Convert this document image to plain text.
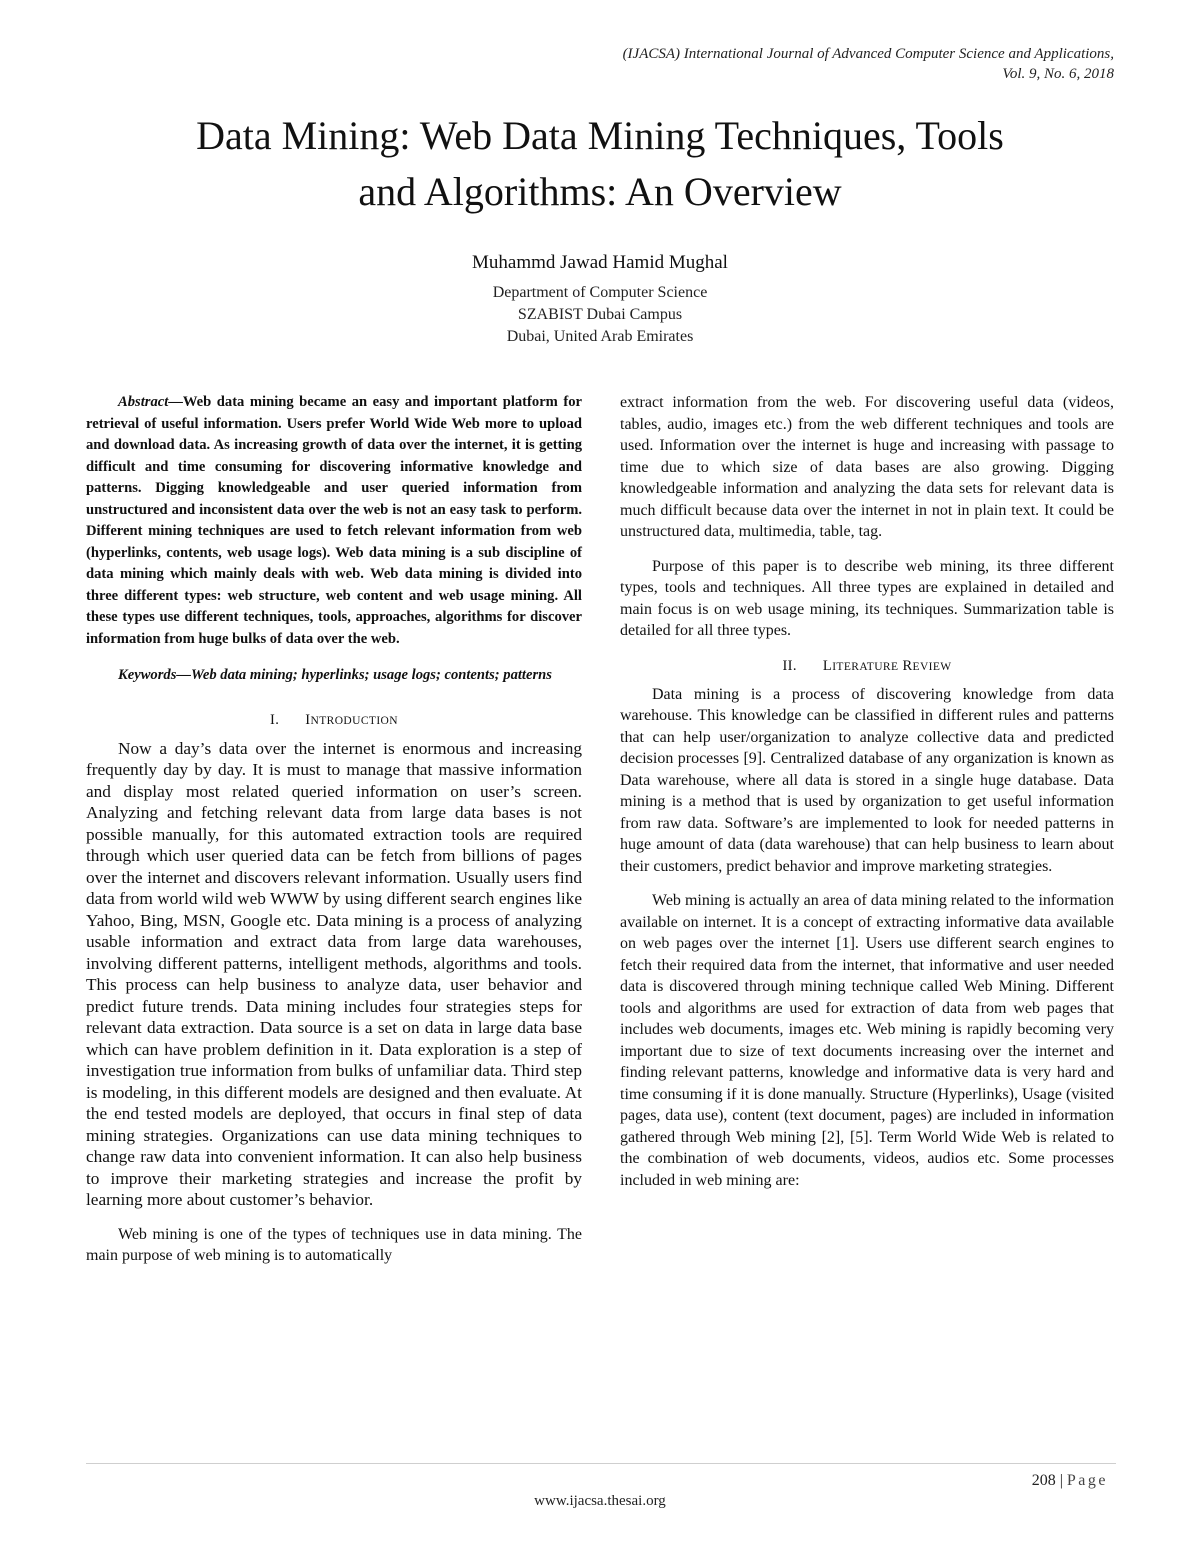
(IJACSA) International Journal of Advanced Computer Science and Applications,
Vol. 9, No. 6, 2018
Data Mining: Web Data Mining Techniques, Tools
and Algorithms: An Overview
Muhammd Jawad Hamid Mughal
Department of Computer Science
SZABIST Dubai Campus
Dubai, United Arab Emirates
Abstract—Web data mining became an easy and important platform for retrieval of useful information. Users prefer World Wide Web more to upload and download data. As increasing growth of data over the internet, it is getting difficult and time consuming for discovering informative knowledge and patterns. Digging knowledgeable and user queried information from unstructured and inconsistent data over the web is not an easy task to perform. Different mining techniques are used to fetch relevant information from web (hyperlinks, contents, web usage logs). Web data mining is a sub discipline of data mining which mainly deals with web. Web data mining is divided into three different types: web structure, web content and web usage mining. All these types use different techniques, tools, approaches, algorithms for discover information from huge bulks of data over the web.
Keywords—Web data mining; hyperlinks; usage logs; contents; patterns
I. INTRODUCTION

Now a day’s data over the internet is enormous and increasing frequently day by day. It is must to manage that massive information and display most related queried information on user’s screen. Analyzing and fetching relevant data from large data bases is not possible manually, for this automated extraction tools are required through which user queried data can be fetch from billions of pages over the internet and discovers relevant information. Usually users find data from world wild web WWW by using different search engines like Yahoo, Bing, MSN, Google etc. Data mining is a process of analyzing usable information and extract data from large data warehouses, involving different patterns, intelligent methods, algorithms and tools. This process can help business to analyze data, user behavior and predict future trends. Data mining includes four strategies steps for relevant data extraction. Data source is a set on data in large data base which can have problem definition in it. Data exploration is a step of investigation true information from bulks of unfamiliar data. Third step is modeling, in this different models are designed and then evaluate. At the end tested models are deployed, that occurs in final step of data mining strategies. Organizations can use data mining techniques to change raw data into convenient information. It can also help business to improve their marketing strategies and increase the profit by learning more about customer’s behavior.

Web mining is one of the types of techniques use in data mining. The main purpose of web mining is to automatically

extract information from the web. For discovering useful data (videos, tables, audio, images etc.) from the web different techniques and tools are used. Information over the internet is huge and increasing with passage to time due to which size of data bases are also growing. Digging knowledgeable information and analyzing the data sets for relevant data is much difficult because data over the internet in not in plain text. It could be unstructured data, multimedia, table, tag.

Purpose of this paper is to describe web mining, its three different types, tools and techniques. All three types are explained in detailed and main focus is on web usage mining, its techniques. Summarization table is detailed for all three types.

II. LITERATURE REVIEW

Data mining is a process of discovering knowledge from data warehouse. This knowledge can be classified in different rules and patterns that can help user/organization to analyze collective data and predicted decision processes [9]. Centralized database of any organization is known as Data warehouse, where all data is stored in a single huge database. Data mining is a method that is used by organization to get useful information from raw data. Software’s are implemented to look for needed patterns in huge amount of data (data warehouse) that can help business to learn about their customers, predict behavior and improve marketing strategies.

Web mining is actually an area of data mining related to the information available on internet. It is a concept of extracting informative data available on web pages over the internet [1]. Users use different search engines to fetch their required data from the internet, that informative and user needed data is discovered through mining technique called Web Mining. Different tools and algorithms are used for extraction of data from web pages that includes web documents, images etc. Web mining is rapidly becoming very important due to size of text documents increasing over the internet and finding relevant patterns, knowledge and informative data is very hard and time consuming if it is done manually. Structure (Hyperlinks), Usage (visited pages, data use), content (text document, pages) are included in information gathered through Web mining [2], [5]. Term World Wide Web is related to the combination of web documents, videos, audios etc. Some processes included in web mining are:

208 | Page
www.ijacsa.thesai.org
